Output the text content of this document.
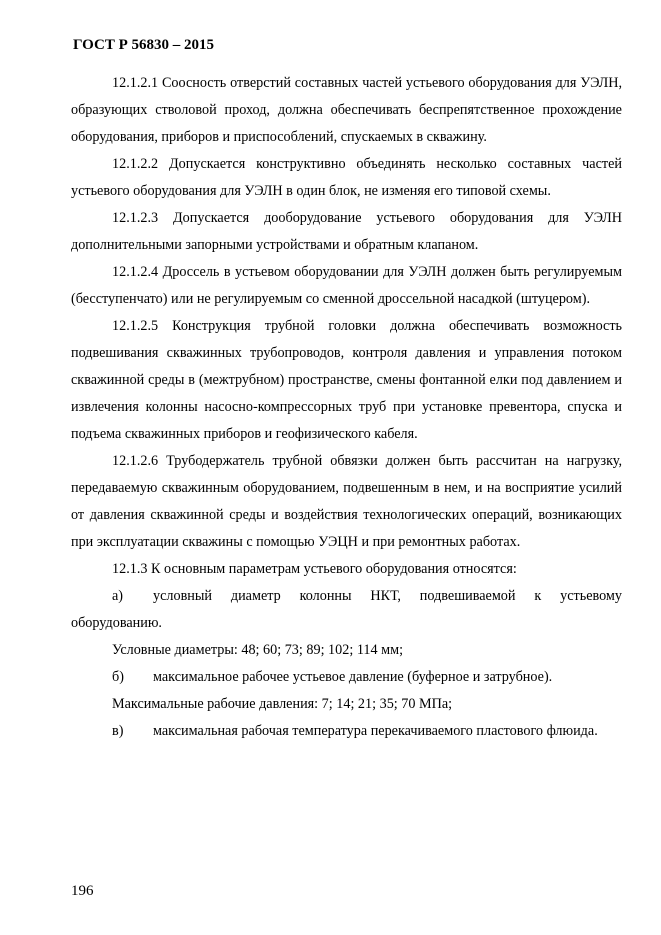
ГОСТ Р 56830 – 2015

12.1.2.1 Соосность отверстий составных частей устьевого оборудования для УЭЛН, образующих стволовой проход, должна обеспечивать беспрепятственное прохождение оборудования, приборов и приспособлений, спускаемых в скважину.

12.1.2.2 Допускается конструктивно объединять несколько составных частей устьевого оборудования для УЭЛН в один блок, не изменяя его типовой схемы.

12.1.2.3 Допускается дооборудование устьевого оборудования для УЭЛН дополнительными запорными устройствами и обратным клапаном.

12.1.2.4 Дроссель в устьевом оборудовании для УЭЛН должен быть регулируемым (бесступенчато) или не регулируемым со сменной дроссельной насадкой (штуцером).

12.1.2.5 Конструкция трубной головки должна обеспечивать возможность подвешивания скважинных трубопроводов, контроля давления и управления потоком скважинной среды в (межтрубном) пространстве, смены фонтанной елки под давлением и извлечения колонны насосно-компрессорных труб при установке превентора, спуска и подъема скважинных приборов и геофизического кабеля.

12.1.2.6 Трубодержатель трубной обвязки должен быть рассчитан на нагрузку, передаваемую скважинным оборудованием, подвешенным в нем, и на восприятие усилий от давления скважинной среды и воздействия технологических операций, возникающих при эксплуатации скважины с помощью УЭЦН и при ремонтных работах.

12.1.3 К основным параметрам устьевого оборудования относятся:

а) условный диаметр колонны НКТ, подвешиваемой к устьевому оборудованию.

Условные диаметры: 48; 60; 73; 89; 102; 114 мм;

б) максимальное рабочее устьевое давление (буферное и затрубное).

Максимальные рабочие давления: 7; 14; 21; 35; 70 МПа;

в) максимальная рабочая температура перекачиваемого пластового флюида.

196
